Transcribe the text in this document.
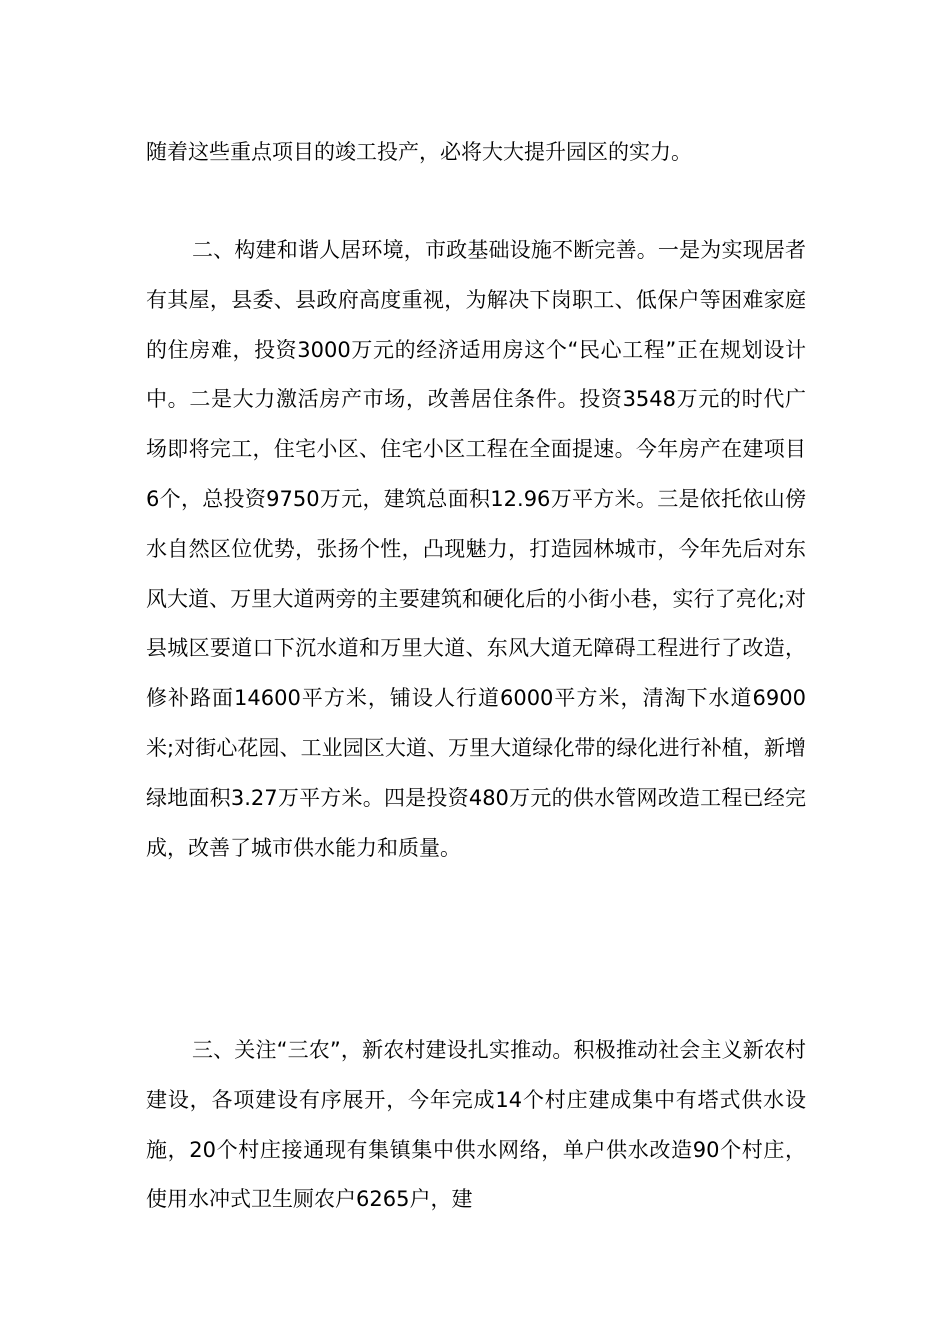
随着这些重点项目的竣工投产，必将大大提升园区的实力。

二、构建和谐人居环境，市政基础设施不断完善。一是为实现居者有其屋，县委、县政府高度重视，为解决下岗职工、低保户等困难家庭的住房难，投资3000万元的经济适用房这个“民心工程”正在规划设计中。二是大力激活房产市场，改善居住条件。投资3548万元的时代广场即将完工，住宅小区、住宅小区工程在全面提速。今年房产在建项目6个，总投资9750万元，建筑总面积12.96万平方米。三是依托依山傍水自然区位优势，张扬个性，凸现魅力，打造园林城市，今年先后对东风大道、万里大道两旁的主要建筑和硬化后的小街小巷，实行了亮化;对县城区要道口下沉水道和万里大道、东风大道无障碍工程进行了改造，修补路面14600平方米，铺设人行道6000平方米，清淘下水道6900米;对街心花园、工业园区大道、万里大道绿化带的绿化进行补植，新增绿地面积3.27万平方米。四是投资480万元的供水管网改造工程已经完成，改善了城市供水能力和质量。

三、关注“三农”，新农村建设扎实推动。积极推动社会主义新农村建设，各项建设有序展开，今年完成14个村庄建成集中有塔式供水设施，20个村庄接通现有集镇集中供水网络，单户供水改造90个村庄，使用水冲式卫生厕农户6265户，建
